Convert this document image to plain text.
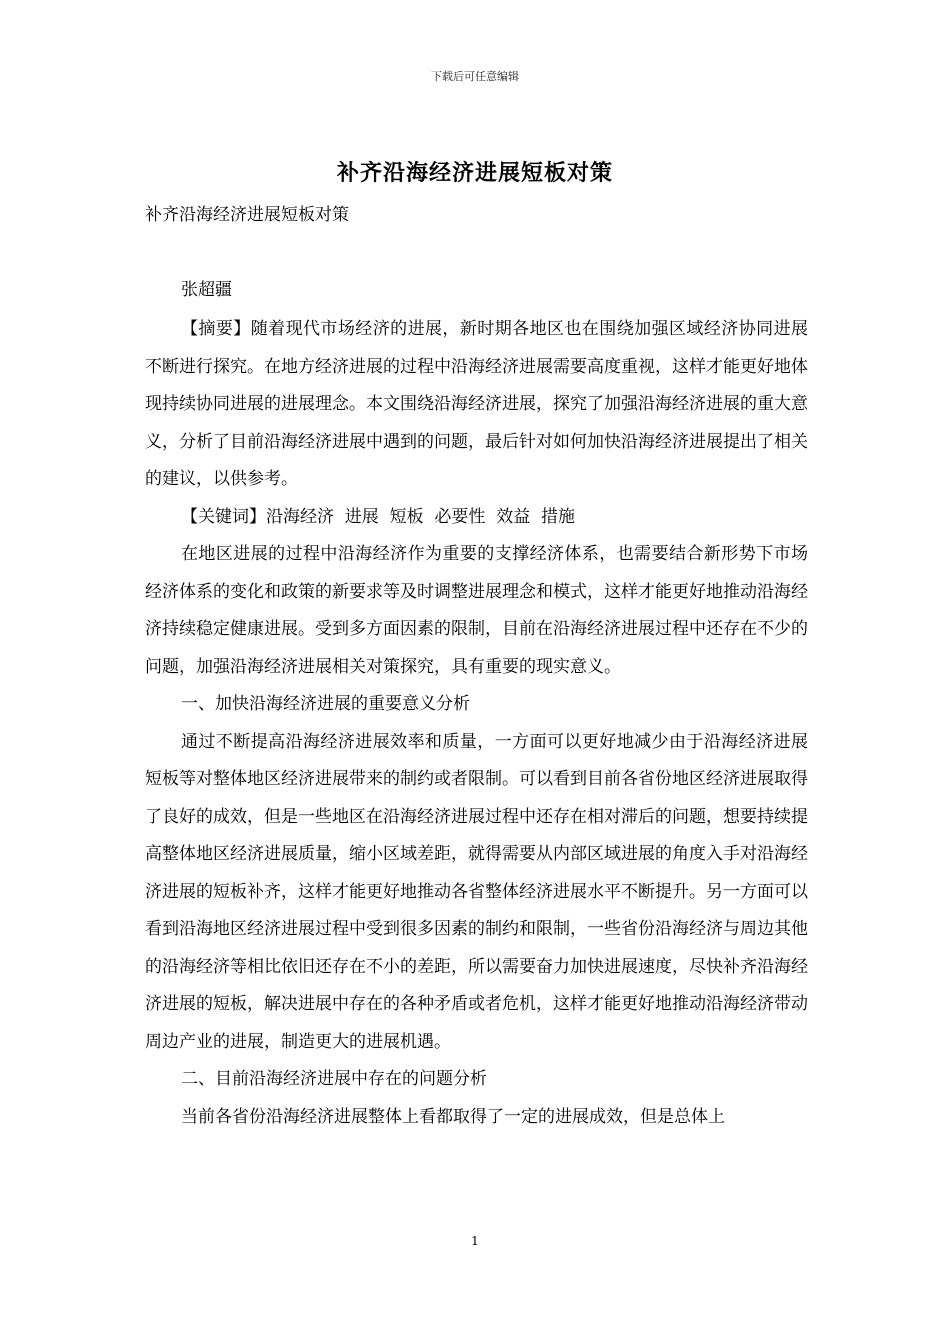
下载后可任意编辑
补齐沿海经济进展短板对策
补齐沿海经济进展短板对策
张超疆

【摘要】随着现代市场经济的进展，新时期各地区也在围绕加强区域经济协同进展不断进行探究。在地方经济进展的过程中沿海经济进展需要高度重视，这样才能更好地体现持续协同进展的进展理念。本文围绕沿海经济进展，探究了加强沿海经济进展的重大意义，分析了目前沿海经济进展中遇到的问题，最后针对如何加快沿海经济进展提出了相关的建议，以供参考。

【关键词】沿海经济  进展  短板  必要性  效益  措施

在地区进展的过程中沿海经济作为重要的支撑经济体系，也需要结合新形势下市场经济体系的变化和政策的新要求等及时调整进展理念和模式，这样才能更好地推动沿海经济持续稳定健康进展。受到多方面因素的限制，目前在沿海经济进展过程中还存在不少的问题，加强沿海经济进展相关对策探究，具有重要的现实意义。

一、加快沿海经济进展的重要意义分析

通过不断提高沿海经济进展效率和质量，一方面可以更好地减少由于沿海经济进展短板等对整体地区经济进展带来的制约或者限制。可以看到目前各省份地区经济进展取得了良好的成效，但是一些地区在沿海经济进展过程中还存在相对滞后的问题，想要持续提高整体地区经济进展质量，缩小区域差距，就得需要从内部区域进展的角度入手对沿海经济进展的短板补齐，这样才能更好地推动各省整体经济进展水平不断提升。另一方面可以看到沿海地区经济进展过程中受到很多因素的制约和限制，一些省份沿海经济与周边其他的沿海经济等相比依旧还存在不小的差距，所以需要奋力加快进展速度，尽快补齐沿海经济进展的短板，解决进展中存在的各种矛盾或者危机，这样才能更好地推动沿海经济带动周边产业的进展，制造更大的进展机遇。

二、目前沿海经济进展中存在的问题分析

当前各省份沿海经济进展整体上看都取得了一定的进展成效，但是总体上

1
